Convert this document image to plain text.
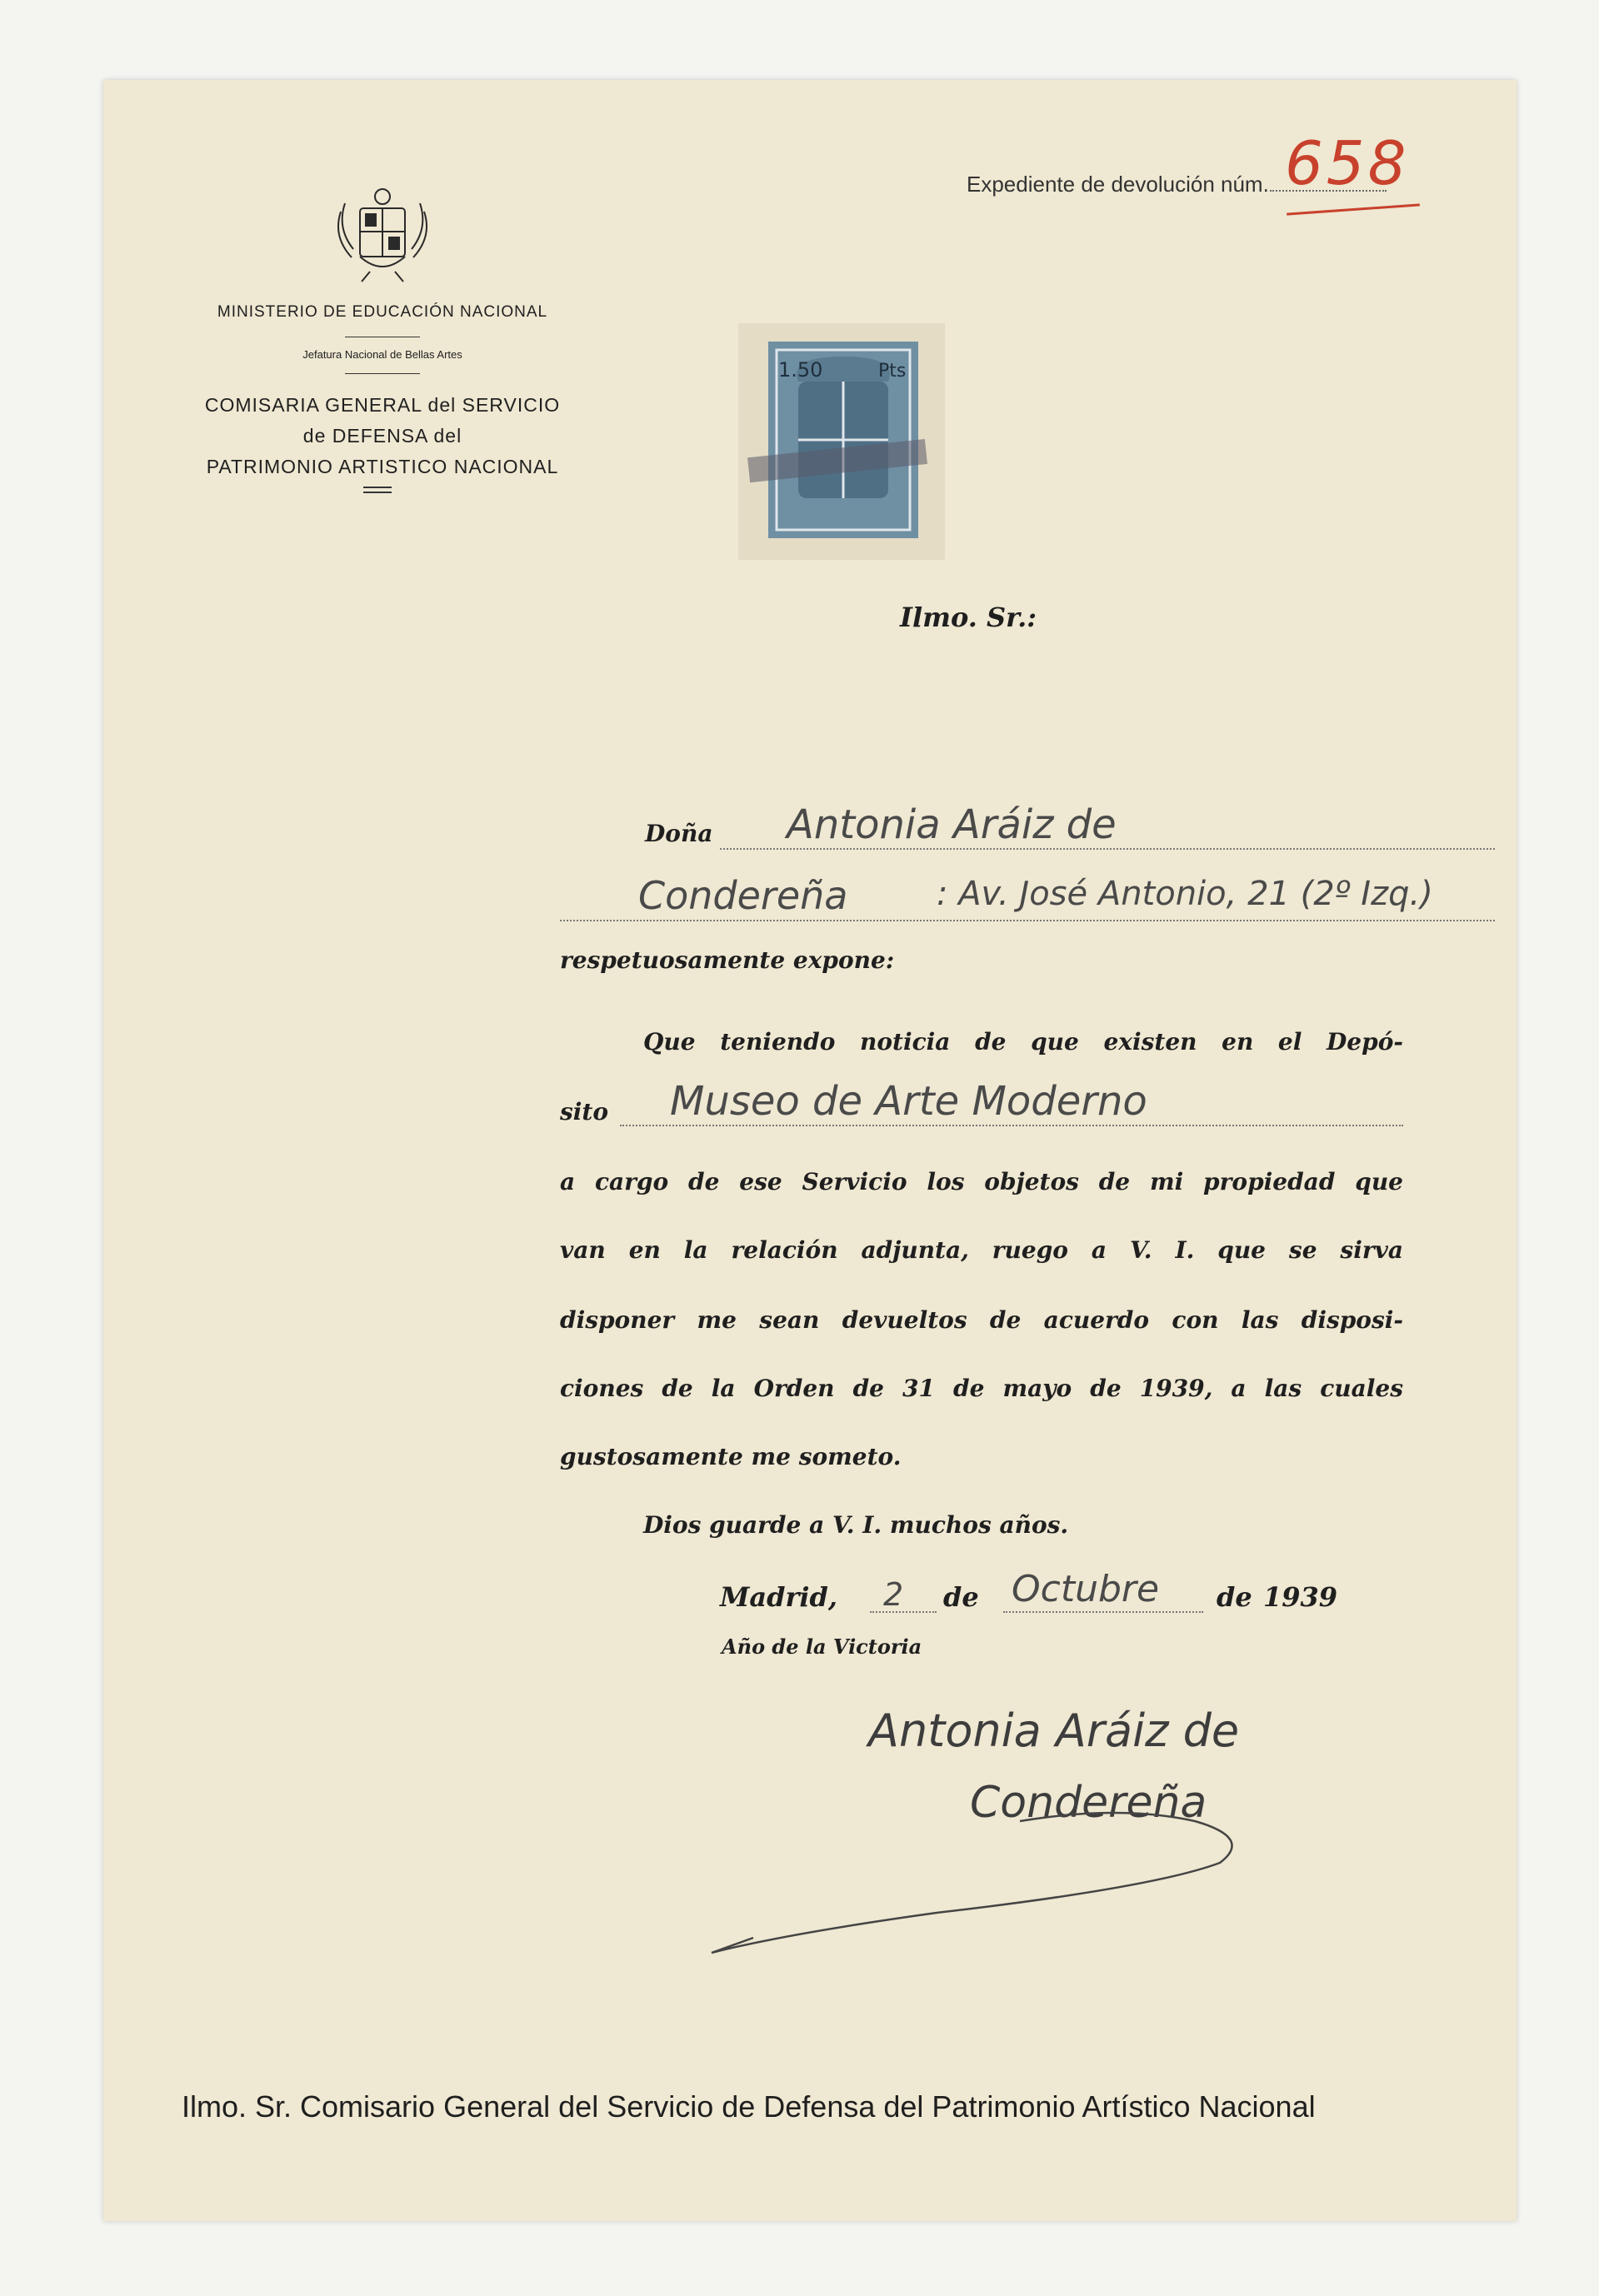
MINISTERIO DE EDUCACIÓN NACIONAL
Jefatura Nacional de Bellas Artes
COMISARIA GENERAL del SERVICIO
de DEFENSA del
PATRIMONIO ARTISTICO NACIONAL
Expediente de devolución núm. 658
1.50	Pts
Ilmo. Sr.:
Doña Antonia Aráiz de
Condereña	: Av. José Antonio, 21 (2º Izq.)
respetuosamente expone:
Que teniendo noticia de que existen en el Depó-
sito Museo de Arte Moderno
a cargo de ese Servicio los objetos de mi propiedad que
van en la relación adjunta, ruego a V. I. que se sirva
disponer me sean devueltos de acuerdo con las disposi-
ciones de la Orden de 31 de mayo de 1939, a las cuales
gustosamente me someto.
Dios guarde a V. I. muchos años.
Madrid, 2 de Octubre de 1939
Año de la Victoria
Antonia Aráiz de
Condereña
Ilmo. Sr. Comisario General del Servicio de Defensa del Patrimonio Artístico Nacional
